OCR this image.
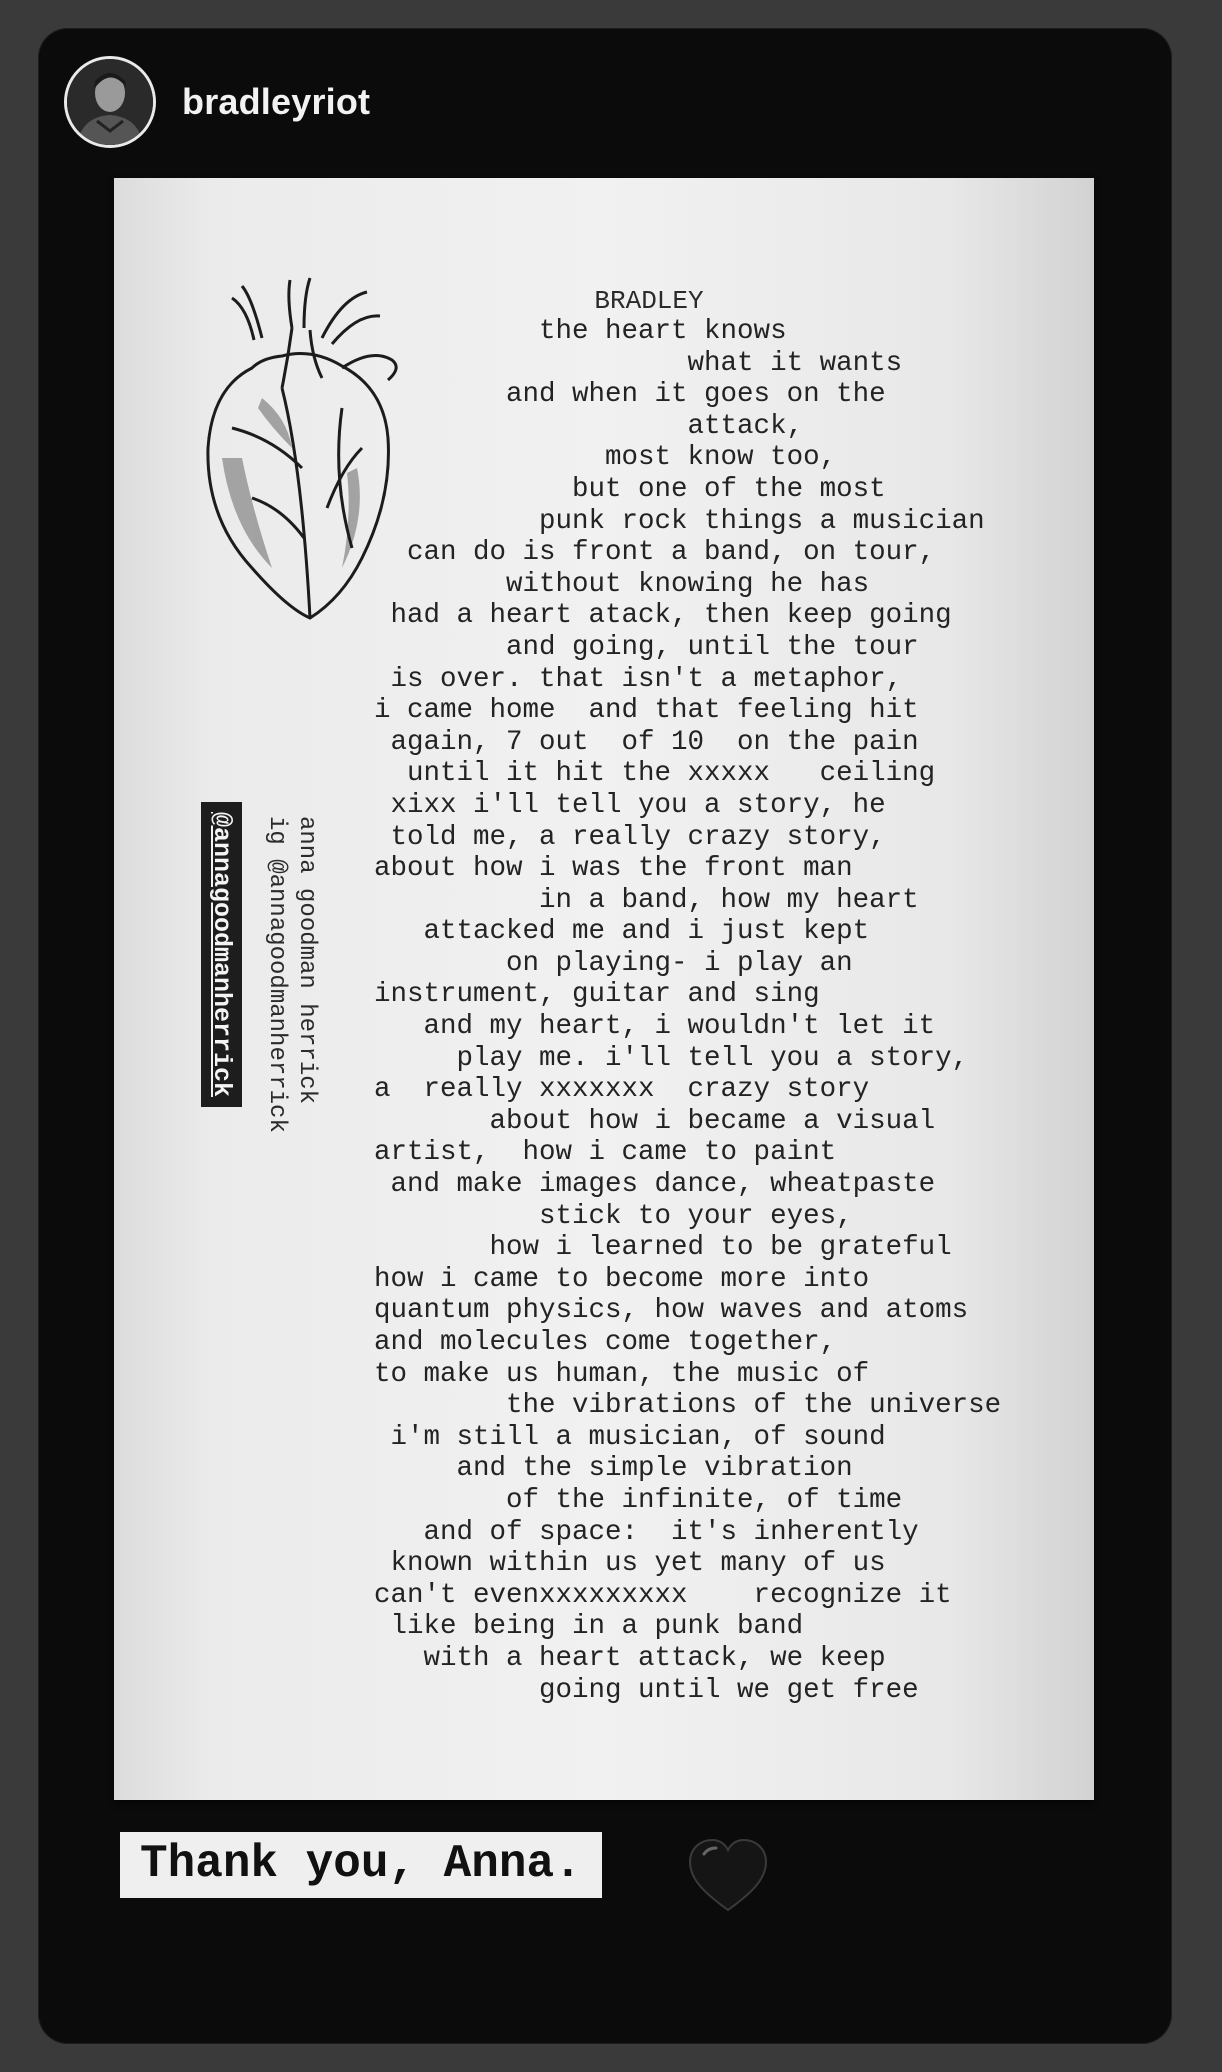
bradleyriot
BRADLEY
the heart knows
what it wants
and when it goes on the
attack,
most know too,
but one of the most
punk rock things a musician
can do is front a band, on tour,
without knowing he has
had a heart atack, then keep going
and going, until the tour
is over. that isn't a metaphor,
i came home  and that feeling hit
again, 7 out  of 10  on the pain
until it hit the xxxxx   ceiling
xixx i'll tell you a story, he
told me, a really crazy story,
about how i was the front man
in a band, how my heart
attacked me and i just kept
on playing- i play an
instrument, guitar and sing
and my heart, i wouldn't let it
play me. i'll tell you a story,
a  really xxxxxxx  crazy story
about how i became a visual
artist,  how i came to paint
and make images dance, wheatpaste
stick to your eyes,
how i learned to be grateful
how i came to become more into
quantum physics, how waves and atoms
and molecules come together,
to make us human, the music of
the vibrations of the universe
i'm still a musician, of sound
and the simple vibration
of the infinite, of time
and of space:  it's inherently
known within us yet many of us
can't evenxxxxxxxxx    recognize it
like being in a punk band
with a heart attack, we keep
going until we get free
anna goodman herrick
ig @annagoodmanherrick
@annagoodmanherrick
Thank you, Anna.
